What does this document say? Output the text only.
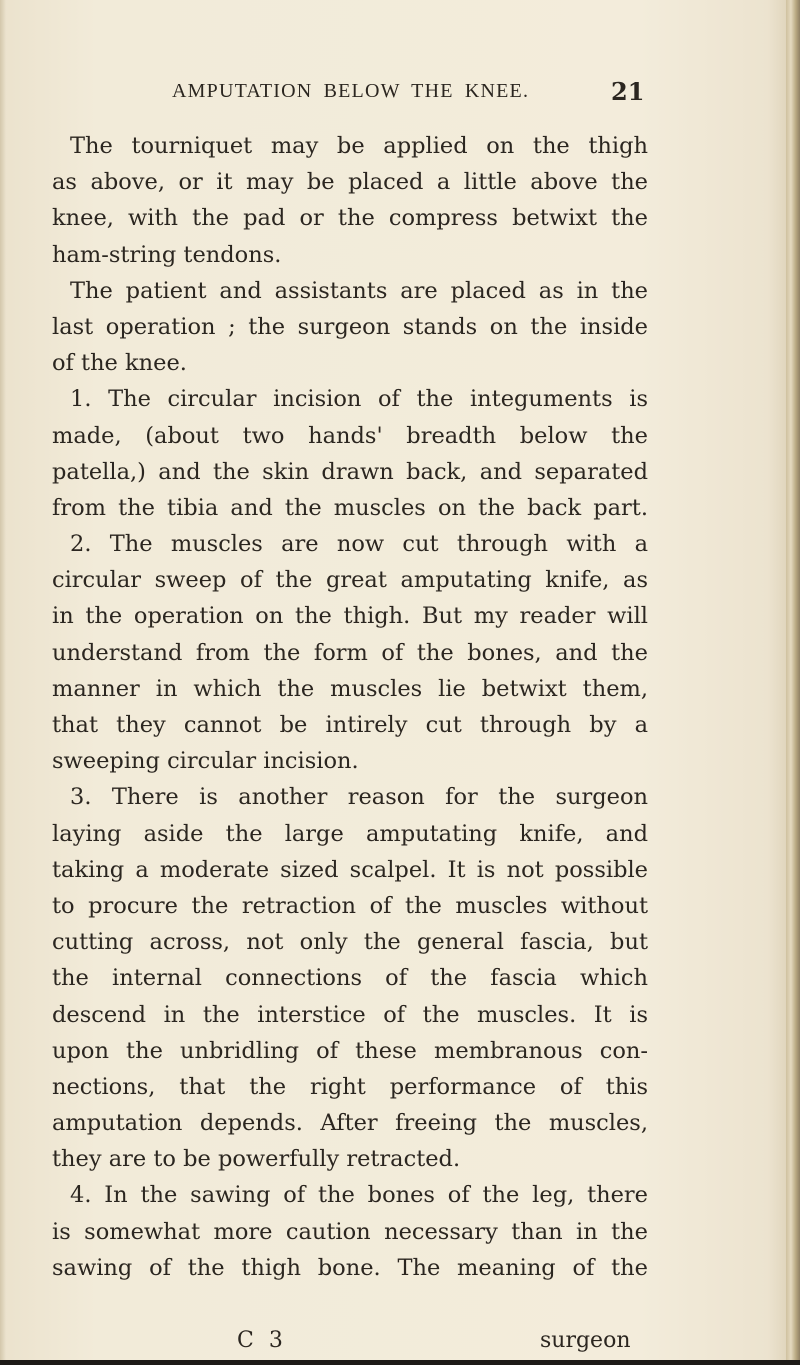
AMPUTATION BELOW THE KNEE.	21
The tourniquet may be applied on the thigh
as above, or it may be placed a little above the
knee, with the pad or the compress betwixt the
ham-string tendons.
The patient and assistants are placed as in the
last operation ; the surgeon stands on the inside
of the knee.
1. The circular incision of the integuments is
made, (about two hands' breadth below the
patella,) and the skin drawn back, and separated
from the tibia and the muscles on the back part.
2. The muscles are now cut through with a
circular sweep of the great amputating knife, as
in the operation on the thigh. But my reader will
understand from the form of the bones, and the
manner in which the muscles lie betwixt them,
that they cannot be intirely cut through by a
sweeping circular incision.
3. There is another reason for the surgeon
laying aside the large amputating knife, and
taking a moderate sized scalpel. It is not possible
to procure the retraction of the muscles without
cutting across, not only the general fascia, but
the internal connections of the fascia which
descend in the interstice of the muscles. It is
upon the unbridling of these membranous con-
nections, that the right performance of this
amputation depends. After freeing the muscles,
they are to be powerfully retracted.
4. In the sawing of the bones of the leg, there
is somewhat more caution necessary than in the
sawing of the thigh bone. The meaning of the
C 3	surgeon
